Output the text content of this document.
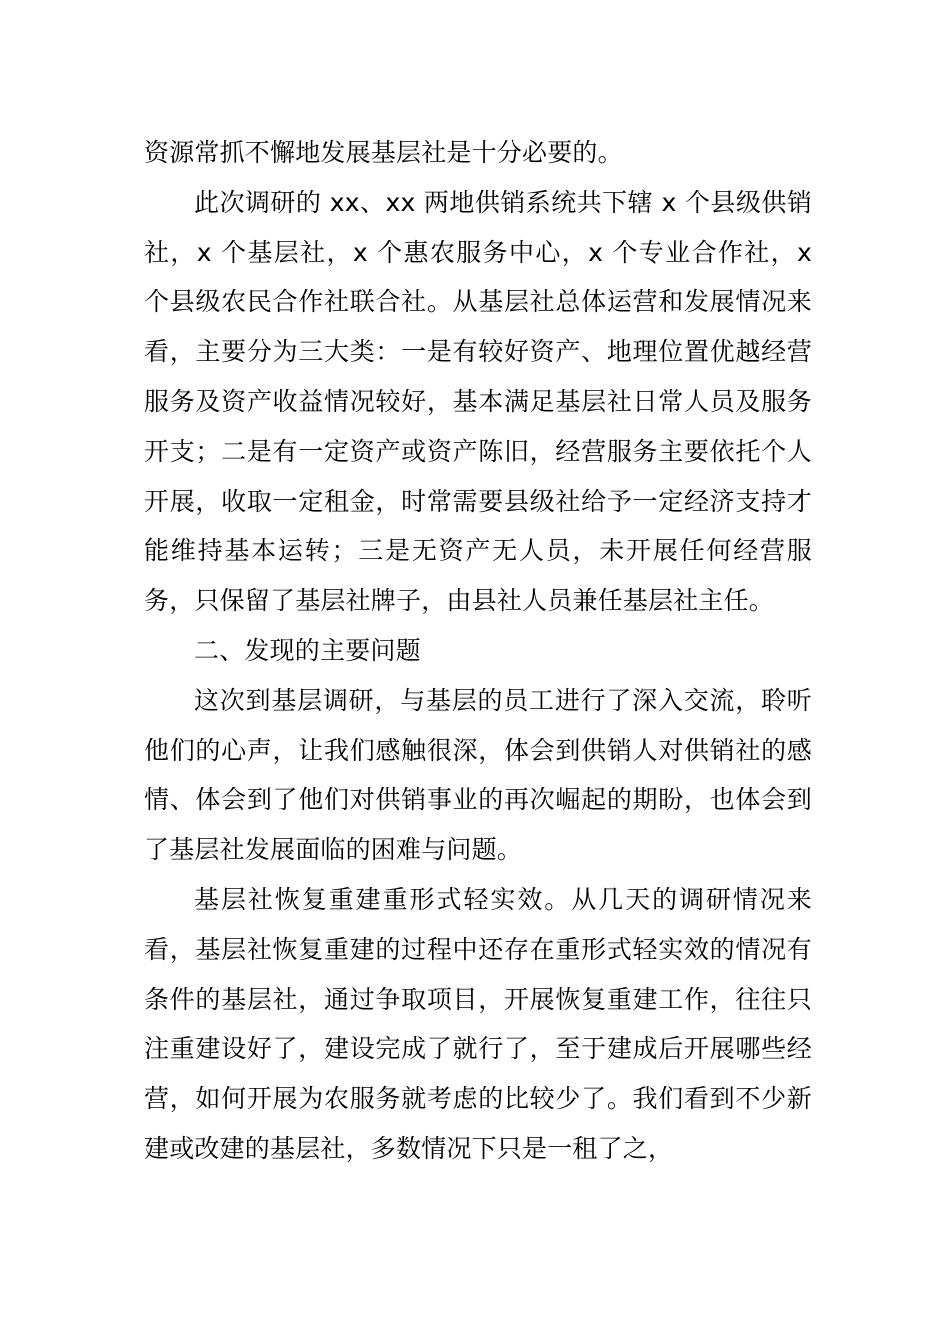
资源常抓不懈地发展基层社是十分必要的。

此次调研的 xx、xx 两地供销系统共下辖 x 个县级供销社，x 个基层社，x 个惠农服务中心，x 个专业合作社，x 个县级农民合作社联合社。从基层社总体运营和发展情况来看，主要分为三大类：一是有较好资产、地理位置优越经营服务及资产收益情况较好，基本满足基层社日常人员及服务开支；二是有一定资产或资产陈旧，经营服务主要依托个人开展，收取一定租金，时常需要县级社给予一定经济支持才能维持基本运转；三是无资产无人员，未开展任何经营服务，只保留了基层社牌子，由县社人员兼任基层社主任。

二、发现的主要问题

这次到基层调研，与基层的员工进行了深入交流，聆听他们的心声，让我们感触很深，体会到供销人对供销社的感情、体会到了他们对供销事业的再次崛起的期盼，也体会到了基层社发展面临的困难与问题。

基层社恢复重建重形式轻实效。从几天的调研情况来看，基层社恢复重建的过程中还存在重形式轻实效的情况有条件的基层社，通过争取项目，开展恢复重建工作，往往只注重建设好了，建设完成了就行了，至于建成后开展哪些经营，如何开展为农服务就考虑的比较少了。我们看到不少新建或改建的基层社，多数情况下只是一租了之，
